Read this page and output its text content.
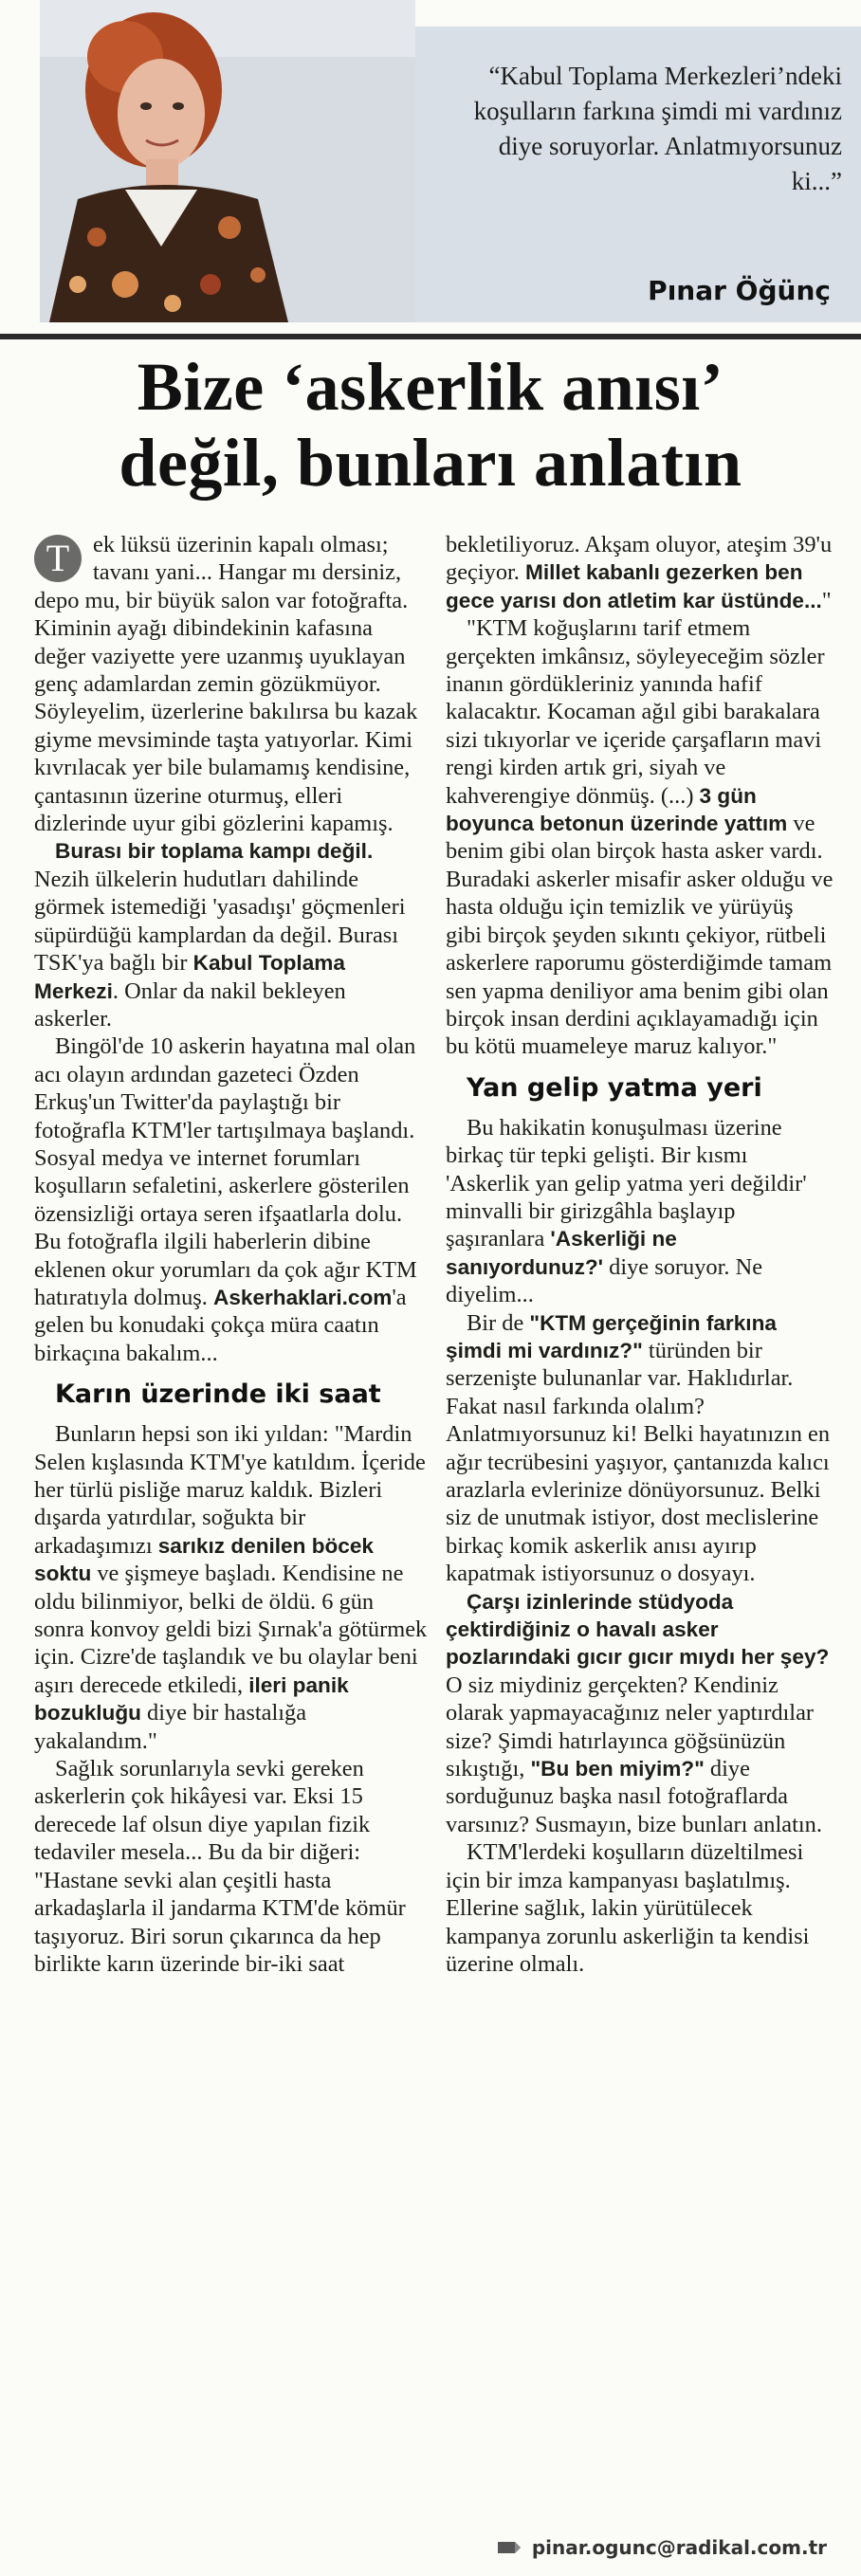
“Kabul Toplama Merkezleri’ndeki koşulların farkına şimdi mi vardınız diye soruyorlar. Anlatmıyorsunuz ki...”
Pınar Öğünç
Bize ‘askerlik anısı’
değil, bunları anlatın

T	ek lüksü üzerinin kapalı olması; tavanı yani... Hangar mı dersiniz, depo mu, bir büyük salon var fotoğrafta. Kiminin ayağı dibindekinin kafasına değer vaziyette yere uzanmış uyuklayan genç adamlardan zemin gözükmüyor. Söyleyelim, üzerlerine bakılırsa bu kazak giyme mevsiminde taşta yatıyorlar. Kimi kıvrılacak yer bile bulamamış kendisine, çantasının üzerine oturmuş, elleri dizlerinde uyur gibi gözlerini kapamış.

Burası bir toplama kampı değil. Nezih ülkelerin hudutları dahilinde görmek istemediği 'yasadışı' göçmenleri süpürdüğü kamplardan da değil. Burası TSK'ya bağlı bir Kabul Toplama Merkezi. Onlar da nakil bekleyen askerler.

Bingöl'de 10 askerin hayatına mal olan acı olayın ardından gazeteci Özden Erkuş'un Twitter'da paylaştığı bir fotoğrafla KTM'ler tartışılmaya başlandı. Sosyal medya ve internet forumları koşulların sefaletini, askerlere gösterilen özensizliği ortaya seren ifşaatlarla dolu. Bu fotoğrafla ilgili haberlerin dibine eklenen okur yorumları da çok ağır KTM hatıratıyla dolmuş. Askerhaklari.com'a gelen bu konudaki çokça müra caatın birkaçına bakalım...

Karın üzerinde iki saat

Bunların hepsi son iki yıldan: "Mardin Selen kışlasında KTM'ye katıldım. İçeride her türlü pisliğe maruz kaldık. Bizleri dışarda yatırdılar, soğukta bir arkadaşımızı sarıkız denilen böcek soktu ve şişmeye başladı. Kendisine ne oldu bilinmiyor, belki de öldü. 6 gün sonra konvoy geldi bizi Şırnak'a götürmek için. Cizre'de taşlandık ve bu olaylar beni aşırı derecede etkiledi, ileri panik bozukluğu diye bir hastalığa yakalandım."

Sağlık sorunlarıyla sevki gereken askerlerin çok hikâyesi var. Eksi 15 derecede laf olsun diye yapılan fizik tedaviler mesela... Bu da bir diğeri: "Hastane sevki alan çeşitli hasta arkadaşlarla il jandarma KTM'de kömür taşıyoruz. Biri sorun çıkarınca da hep birlikte karın üzerinde bir-iki saat

bekletiliyoruz. Akşam oluyor, ateşim 39'u geçiyor. Millet kabanlı gezerken ben gece yarısı don atletim kar üstünde..."

"KTM koğuşlarını tarif etmem gerçekten imkânsız, söyleyeceğim sözler inanın gördükleriniz yanında hafif kalacaktır. Kocaman ağıl gibi barakalara sizi tıkıyorlar ve içeride çarşafların mavi rengi kirden artık gri, siyah ve kahverengiye dönmüş. (...) 3 gün boyunca betonun üzerinde yattım ve benim gibi olan birçok hasta asker vardı. Buradaki askerler misafir asker olduğu ve hasta olduğu için temizlik ve yürüyüş gibi birçok şeyden sıkıntı çekiyor, rütbeli askerlere raporumu gösterdiğimde tamam sen yapma deniliyor ama benim gibi olan birçok insan derdini açıklayamadığı için bu kötü muameleye maruz kalıyor."

Yan gelip yatma yeri

Bu hakikatin konuşulması üzerine birkaç tür tepki gelişti. Bir kısmı 'Askerlik yan gelip yatma yeri değildir' minvalli bir girizgâhla başlayıp şaşıranlara 'Askerliği ne sanıyordunuz?' diye soruyor. Ne diyelim...

Bir de "KTM gerçeğinin farkına şimdi mi vardınız?" türünden bir serzeniştе bulunanlar var. Haklıdırlar. Fakat nasıl farkında olalım? Anlatmıyorsunuz ki! Belki hayatınızın en ağır tecrübesini yaşıyor, çantanızda kalıcı arazlarla evlerinize dönüyorsunuz. Belki siz de unutmak istiyor, dost meclislerine birkaç komik askerlik anısı ayırıp kapatmak istiyorsunuz o dosyayı.

Çarşı izinlerinde stüdyoda çektirdiğiniz o havalı asker pozlarındaki gıcır gıcır mıydı her şey? O siz miydiniz gerçekten? Kendiniz olarak yapmayacağınız neler yaptırdılar size? Şimdi hatırlayınca göğsünüzün sıkıştığı, "Bu ben miyim?" diye sorduğunuz başka nasıl fotoğraflarda varsınız? Susmayın, bize bunları anlatın.

KTM'lerdeki koşulların düzeltilmesi için bir imza kampanyası başlatılmış. Ellerine sağlık, lakin yürütülecek kampanya zorunlu askerliğin ta kendisi üzerine olmalı.

pinar.ogunc@radikal.com.tr
